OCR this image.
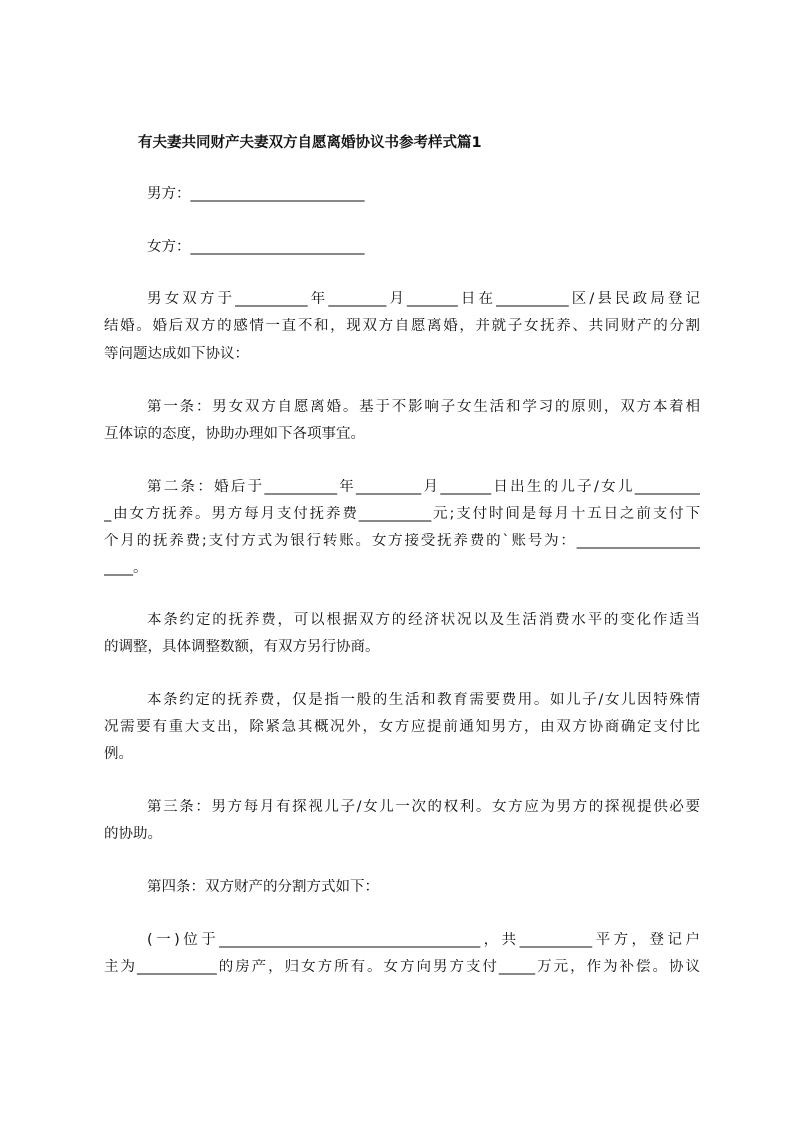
有夫妻共同财产夫妻双方自愿离婚协议书参考样式篇1
男方：________________________
女方：________________________
男女双方于__________年________月_______日在__________区/县民政局登记
结婚。婚后双方的感情一直不和，现双方自愿离婚，并就子女抚养、共同财产的分割
等问题达成如下协议：
第一条：男女双方自愿离婚。基于不影响子女生活和学习的原则，双方本着相
互体谅的态度，协助办理如下各项事宜。
第二条：婚后于__________年_________月_______日出生的儿子/女儿_________
_由女方抚养。男方每月支付抚养费__________元;支付时间是每月十五日之前支付下
个月的抚养费;支付方式为银行转账。女方接受抚养费的`账号为：_________________
____。
本条约定的抚养费，可以根据双方的经济状况以及生活消费水平的变化作适当
的调整，具体调整数额，有双方另行协商。
本条约定的抚养费，仅是指一般的生活和教育需要费用。如儿子/女儿因特殊情
况需要有重大支出，除紧急其概况外，女方应提前通知男方，由双方协商确定支付比
例。
第三条：男方每月有探视儿子/女儿一次的权利。女方应为男方的探视提供必要
的协助。
第四条：双方财产的分割方式如下：
(一)位于____________________________________，共__________平方，登记户
主为___________的房产，归女方所有。女方向男方支付_____万元，作为补偿。协议
